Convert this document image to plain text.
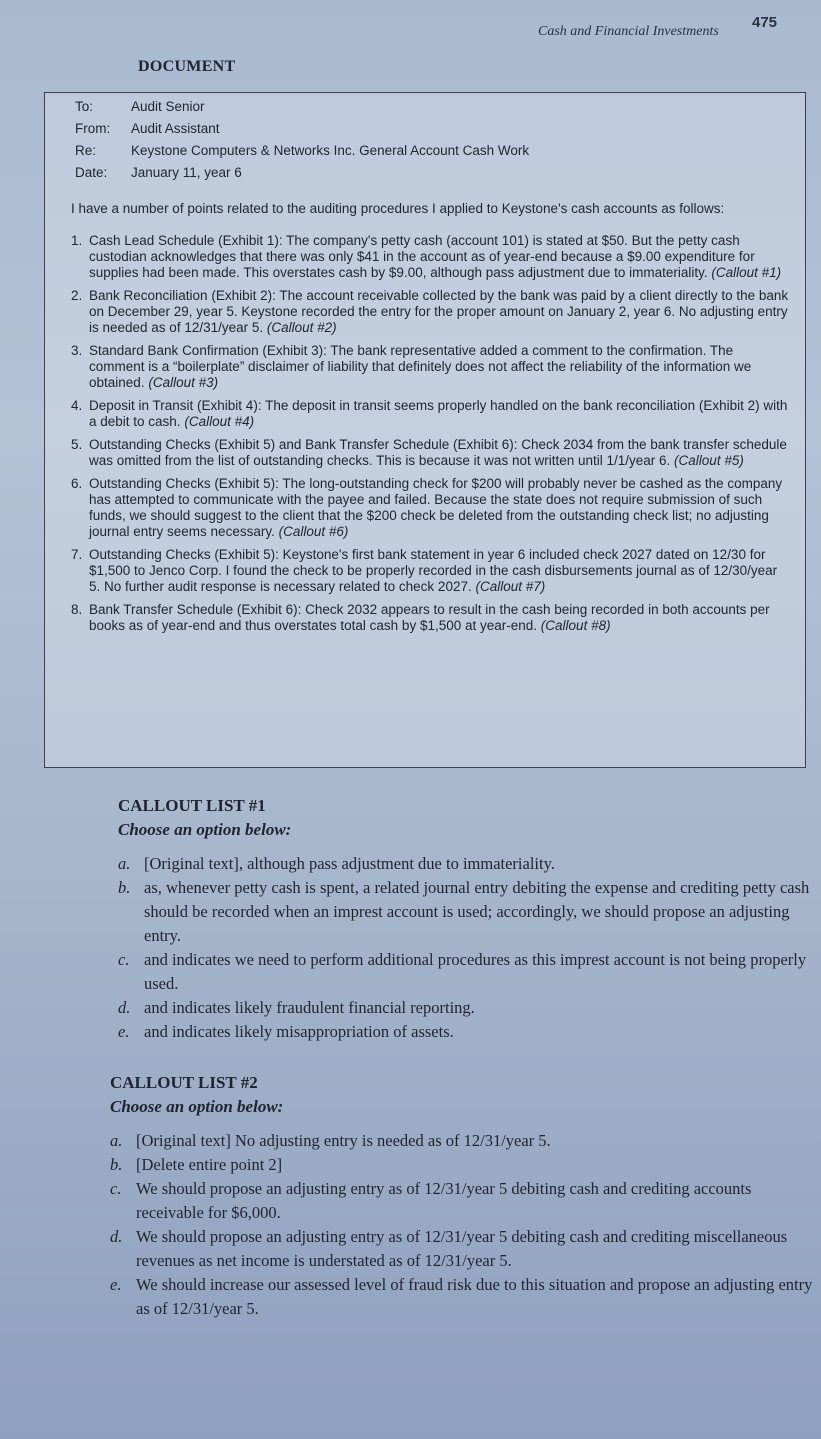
Cash and Financial Investments
475
DOCUMENT
To:	Audit Senior
From: Audit Assistant
Re:	Keystone Computers & Networks Inc. General Account Cash Work
Date: January 11, year 6
I have a number of points related to the auditing procedures I applied to Keystone's cash accounts as follows:
1. Cash Lead Schedule (Exhibit 1): The company's petty cash (account 101) is stated at $50. But the petty cash custodian acknowledges that there was only $41 in the account as of year-end because a $9.00 expenditure for supplies had been made. This overstates cash by $9.00, although pass adjustment due to immateriality. (Callout #1)
2. Bank Reconciliation (Exhibit 2): The account receivable collected by the bank was paid by a client directly to the bank on December 29, year 5. Keystone recorded the entry for the proper amount on January 2, year 6. No adjusting entry is needed as of 12/31/year 5. (Callout #2)
3. Standard Bank Confirmation (Exhibit 3): The bank representative added a comment to the confirmation. The comment is a “boilerplate” disclaimer of liability that definitely does not affect the reliability of the information we obtained. (Callout #3)
4. Deposit in Transit (Exhibit 4): The deposit in transit seems properly handled on the bank reconciliation (Exhibit 2) with a debit to cash. (Callout #4)
5. Outstanding Checks (Exhibit 5) and Bank Transfer Schedule (Exhibit 6): Check 2034 from the bank transfer schedule was omitted from the list of outstanding checks. This is because it was not written until 1/1/year 6. (Callout #5)
6. Outstanding Checks (Exhibit 5): The long-outstanding check for $200 will probably never be cashed as the company has attempted to communicate with the payee and failed. Because the state does not require submission of such funds, we should suggest to the client that the $200 check be deleted from the outstanding check list; no adjusting journal entry seems necessary. (Callout #6)
7. Outstanding Checks (Exhibit 5): Keystone's first bank statement in year 6 included check 2027 dated on 12/30 for $1,500 to Jenco Corp. I found the check to be properly recorded in the cash disbursements journal as of 12/30/year 5. No further audit response is necessary related to check 2027. (Callout #7)
8. Bank Transfer Schedule (Exhibit 6): Check 2032 appears to result in the cash being recorded in both accounts per books as of year-end and thus overstates total cash by $1,500 at year-end. (Callout #8)
CALLOUT LIST #1
Choose an option below:
a. [Original text], although pass adjustment due to immateriality.
b. as, whenever petty cash is spent, a related journal entry debiting the expense and crediting petty cash should be recorded when an imprest account is used; accordingly, we should propose an adjusting entry.
c. and indicates we need to perform additional procedures as this imprest account is not being properly used.
d. and indicates likely fraudulent financial reporting.
e. and indicates likely misappropriation of assets.
CALLOUT LIST #2
Choose an option below:
a. [Original text] No adjusting entry is needed as of 12/31/year 5.
b. [Delete entire point 2]
c. We should propose an adjusting entry as of 12/31/year 5 debiting cash and crediting accounts receivable for $6,000.
d. We should propose an adjusting entry as of 12/31/year 5 debiting cash and crediting miscellaneous revenues as net income is understated as of 12/31/year 5.
e. We should increase our assessed level of fraud risk due to this situation and propose an adjusting entry as of 12/31/year 5.
